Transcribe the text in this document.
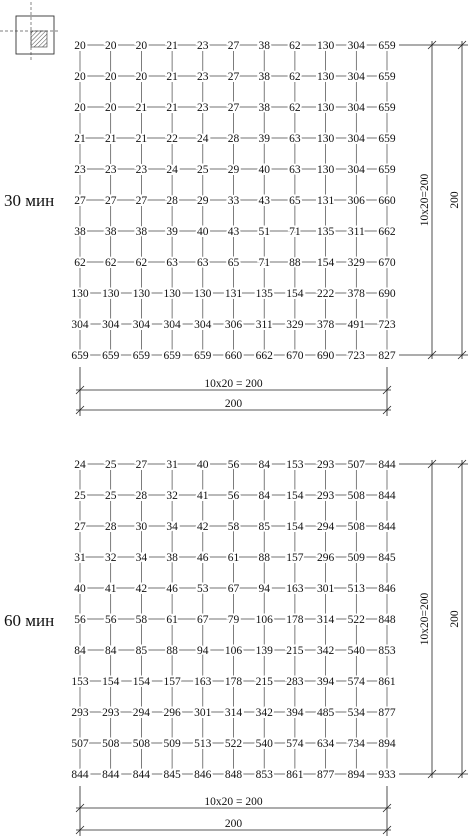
20 20 20 21 23 27 38 62 130 304 659
20 20 20 21 23 27 38 62 130 304 659
20 20 21 21 23 27 38 62 130 304 659
21 21 21 22 24 28 39 63 130 304 659
23 23 23 24 25 29 40 63 130 304 659
27 27 27 28 29 33 43 65 131 306 660
38 38 38 39 40 43 51 71 135 311 662
62 62 62 63 63 65 71 88 154 329 670
130 130 130 130 130 131 135 154 222 378 690
304 304 304 304 304 306 311 329 378 491 723
659 659 659 659 659 660 662 670 690 723 827
30 мин
10x20 = 200
200
10x20=200 200
24 25 27 31 40 56 84 153 293 507 844
25 25 28 32 41 56 84 154 293 508 844
27 28 30 34 42 58 85 154 294 508 844
31 32 34 38 46 61 88 157 296 509 845
40 41 42 46 53 67 94 163 301 513 846
56 56 58 61 67 79 106 178 314 522 848
84 84 85 88 94 106 139 215 342 540 853
153 154 154 157 163 178 215 283 394 574 861
293 293 294 296 301 314 342 394 485 534 877
507 508 508 509 513 522 540 574 634 734 894
844 844 844 845 846 848 853 861 877 894 933
60 мин
10x20 = 200
200
10x20=200 200
